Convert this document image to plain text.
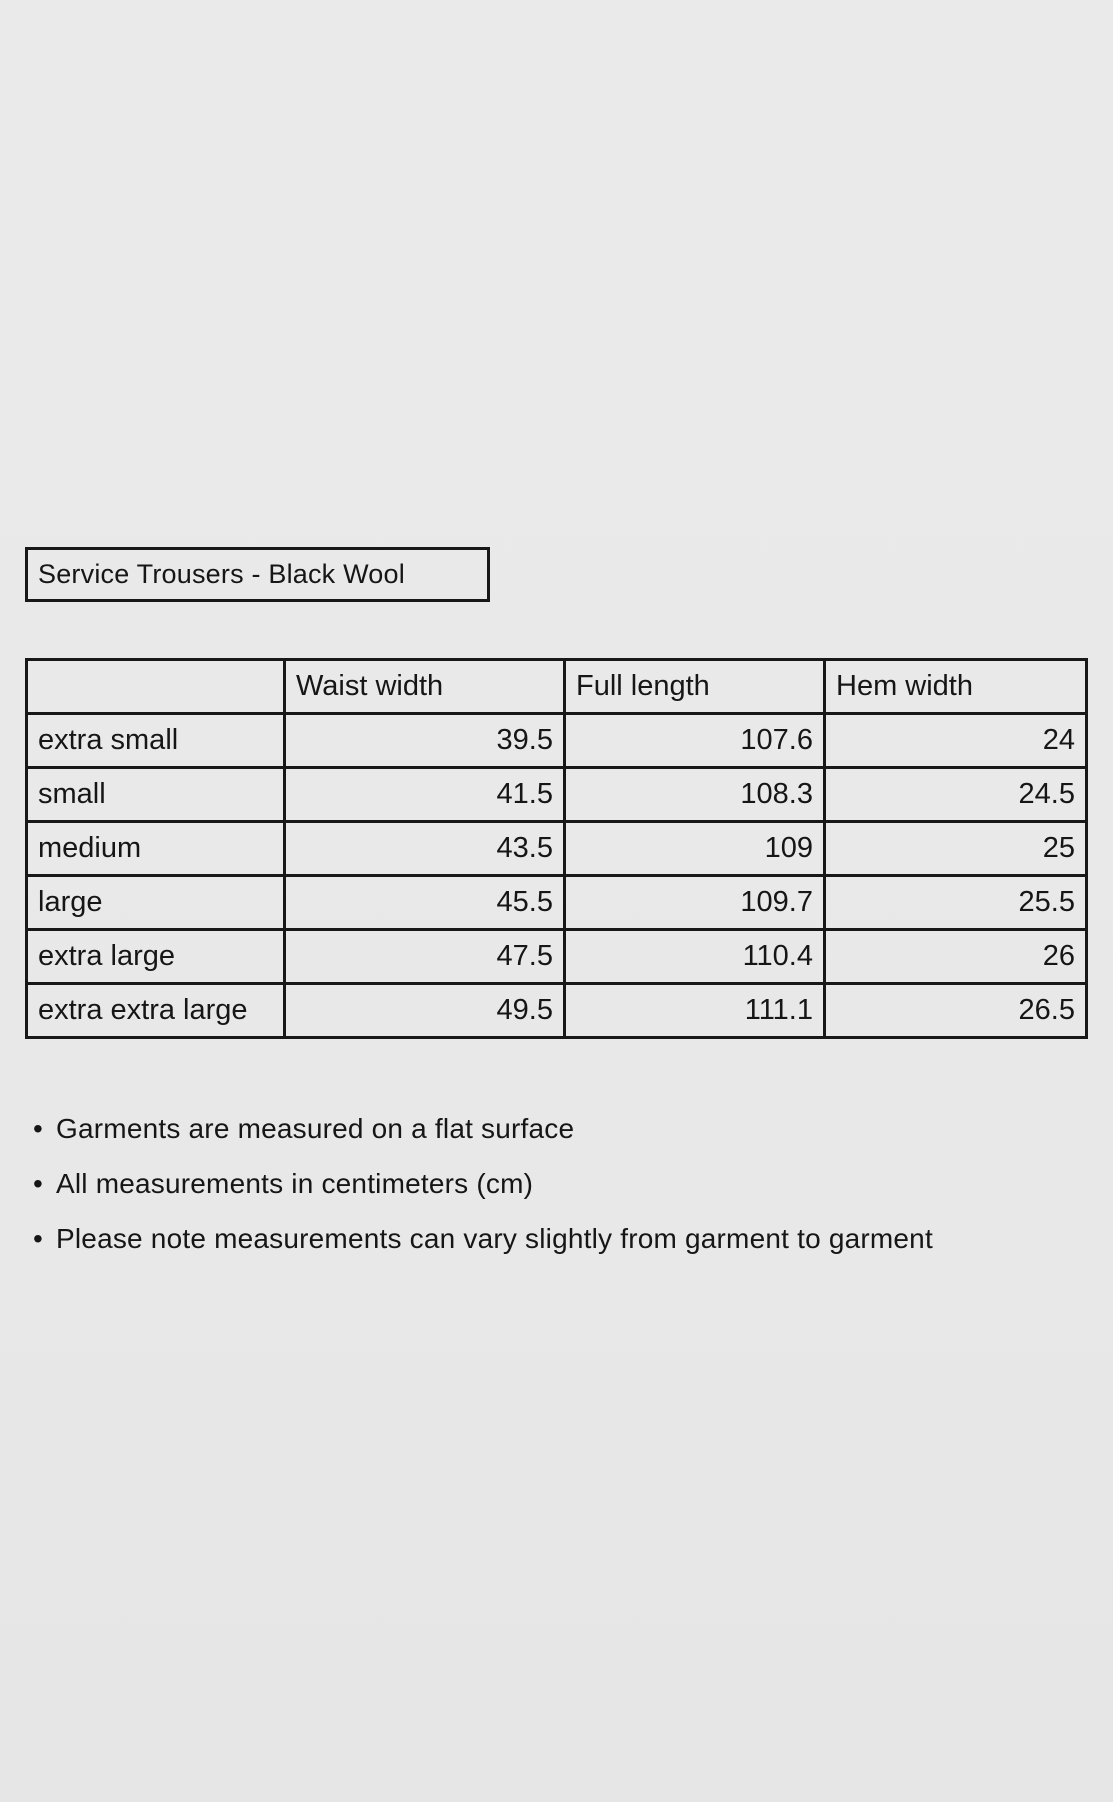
Service Trousers - Black Wool
	Waist width	Full length	Hem width
extra small	39.5	107.6	24
small	41.5	108.3	24.5
medium	43.5	109	25
large	45.5	109.7	25.5
extra large	47.5	110.4	26
extra extra large	49.5	111.1	26.5
• Garments are measured on a flat surface
• All measurements in centimeters (cm)
• Please note measurements can vary slightly from garment to garment
